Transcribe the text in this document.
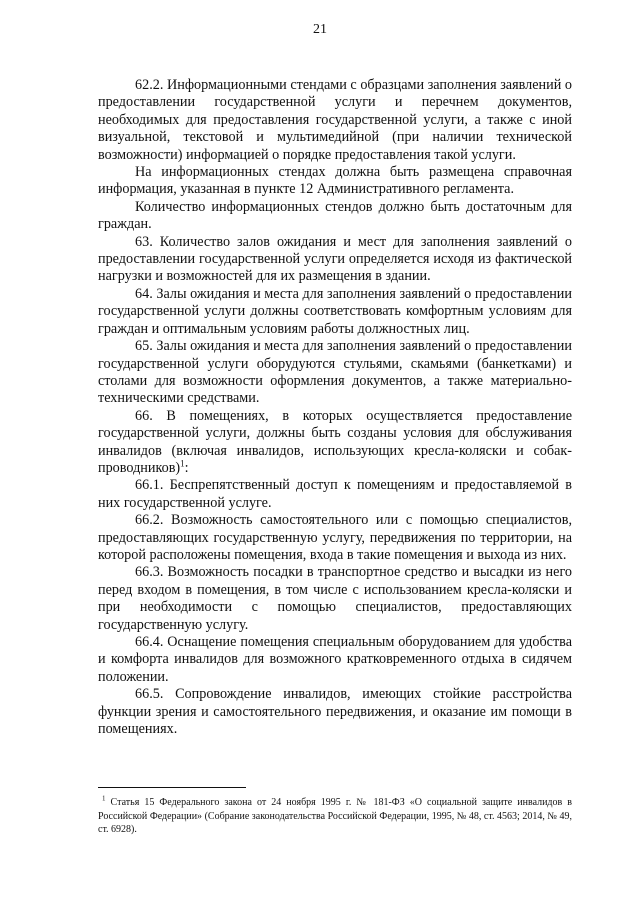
21

62.2. Информационными стендами с образцами заполнения заявлений о предоставлении государственной услуги и перечнем документов, необходимых для предоставления государственной услуги, а также с иной визуальной, текстовой и мультимедийной (при наличии технической возможности) информацией о порядке предоставления такой услуги.

На информационных стендах должна быть размещена справочная информация, указанная в пункте 12 Административного регламента.

Количество информационных стендов должно быть достаточным для граждан.

63. Количество залов ожидания и мест для заполнения заявлений о предоставлении государственной услуги определяется исходя из фактической нагрузки и возможностей для их размещения в здании.

64. Залы ожидания и места для заполнения заявлений о предоставлении государственной услуги должны соответствовать комфортным условиям для граждан и оптимальным условиям работы должностных лиц.

65. Залы ожидания и места для заполнения заявлений о предоставлении государственной услуги оборудуются стульями, скамьями (банкетками) и столами для возможности оформления документов, а также материально-техническими средствами.

66. В помещениях, в которых осуществляется предоставление государственной услуги, должны быть созданы условия для обслуживания инвалидов (включая инвалидов, использующих кресла-коляски и собак-проводников)$^1$:

66.1. Беспрепятственный доступ к помещениям и предоставляемой в них государственной услуге.

66.2. Возможность самостоятельного или с помощью специалистов, предоставляющих государственную услугу, передвижения по территории, на которой расположены помещения, входа в такие помещения и выхода из них.

66.3. Возможность посадки в транспортное средство и высадки из него перед входом в помещения, в том числе с использованием кресла-коляски и при необходимости с помощью специалистов, предоставляющих государственную услугу.

66.4. Оснащение помещения специальным оборудованием для удобства и комфорта инвалидов для возможного кратковременного отдыха в сидячем положении.

66.5. Сопровождение инвалидов, имеющих стойкие расстройства функции зрения и самостоятельного передвижения, и оказание им помощи в помещениях.

$^1$ Статья 15 Федерального закона от 24 ноября 1995 г. № 181-ФЗ «О социальной защите инвалидов в Российской Федерации» (Собрание законодательства Российской Федерации, 1995, № 48, ст. 4563; 2014, № 49, ст. 6928).
